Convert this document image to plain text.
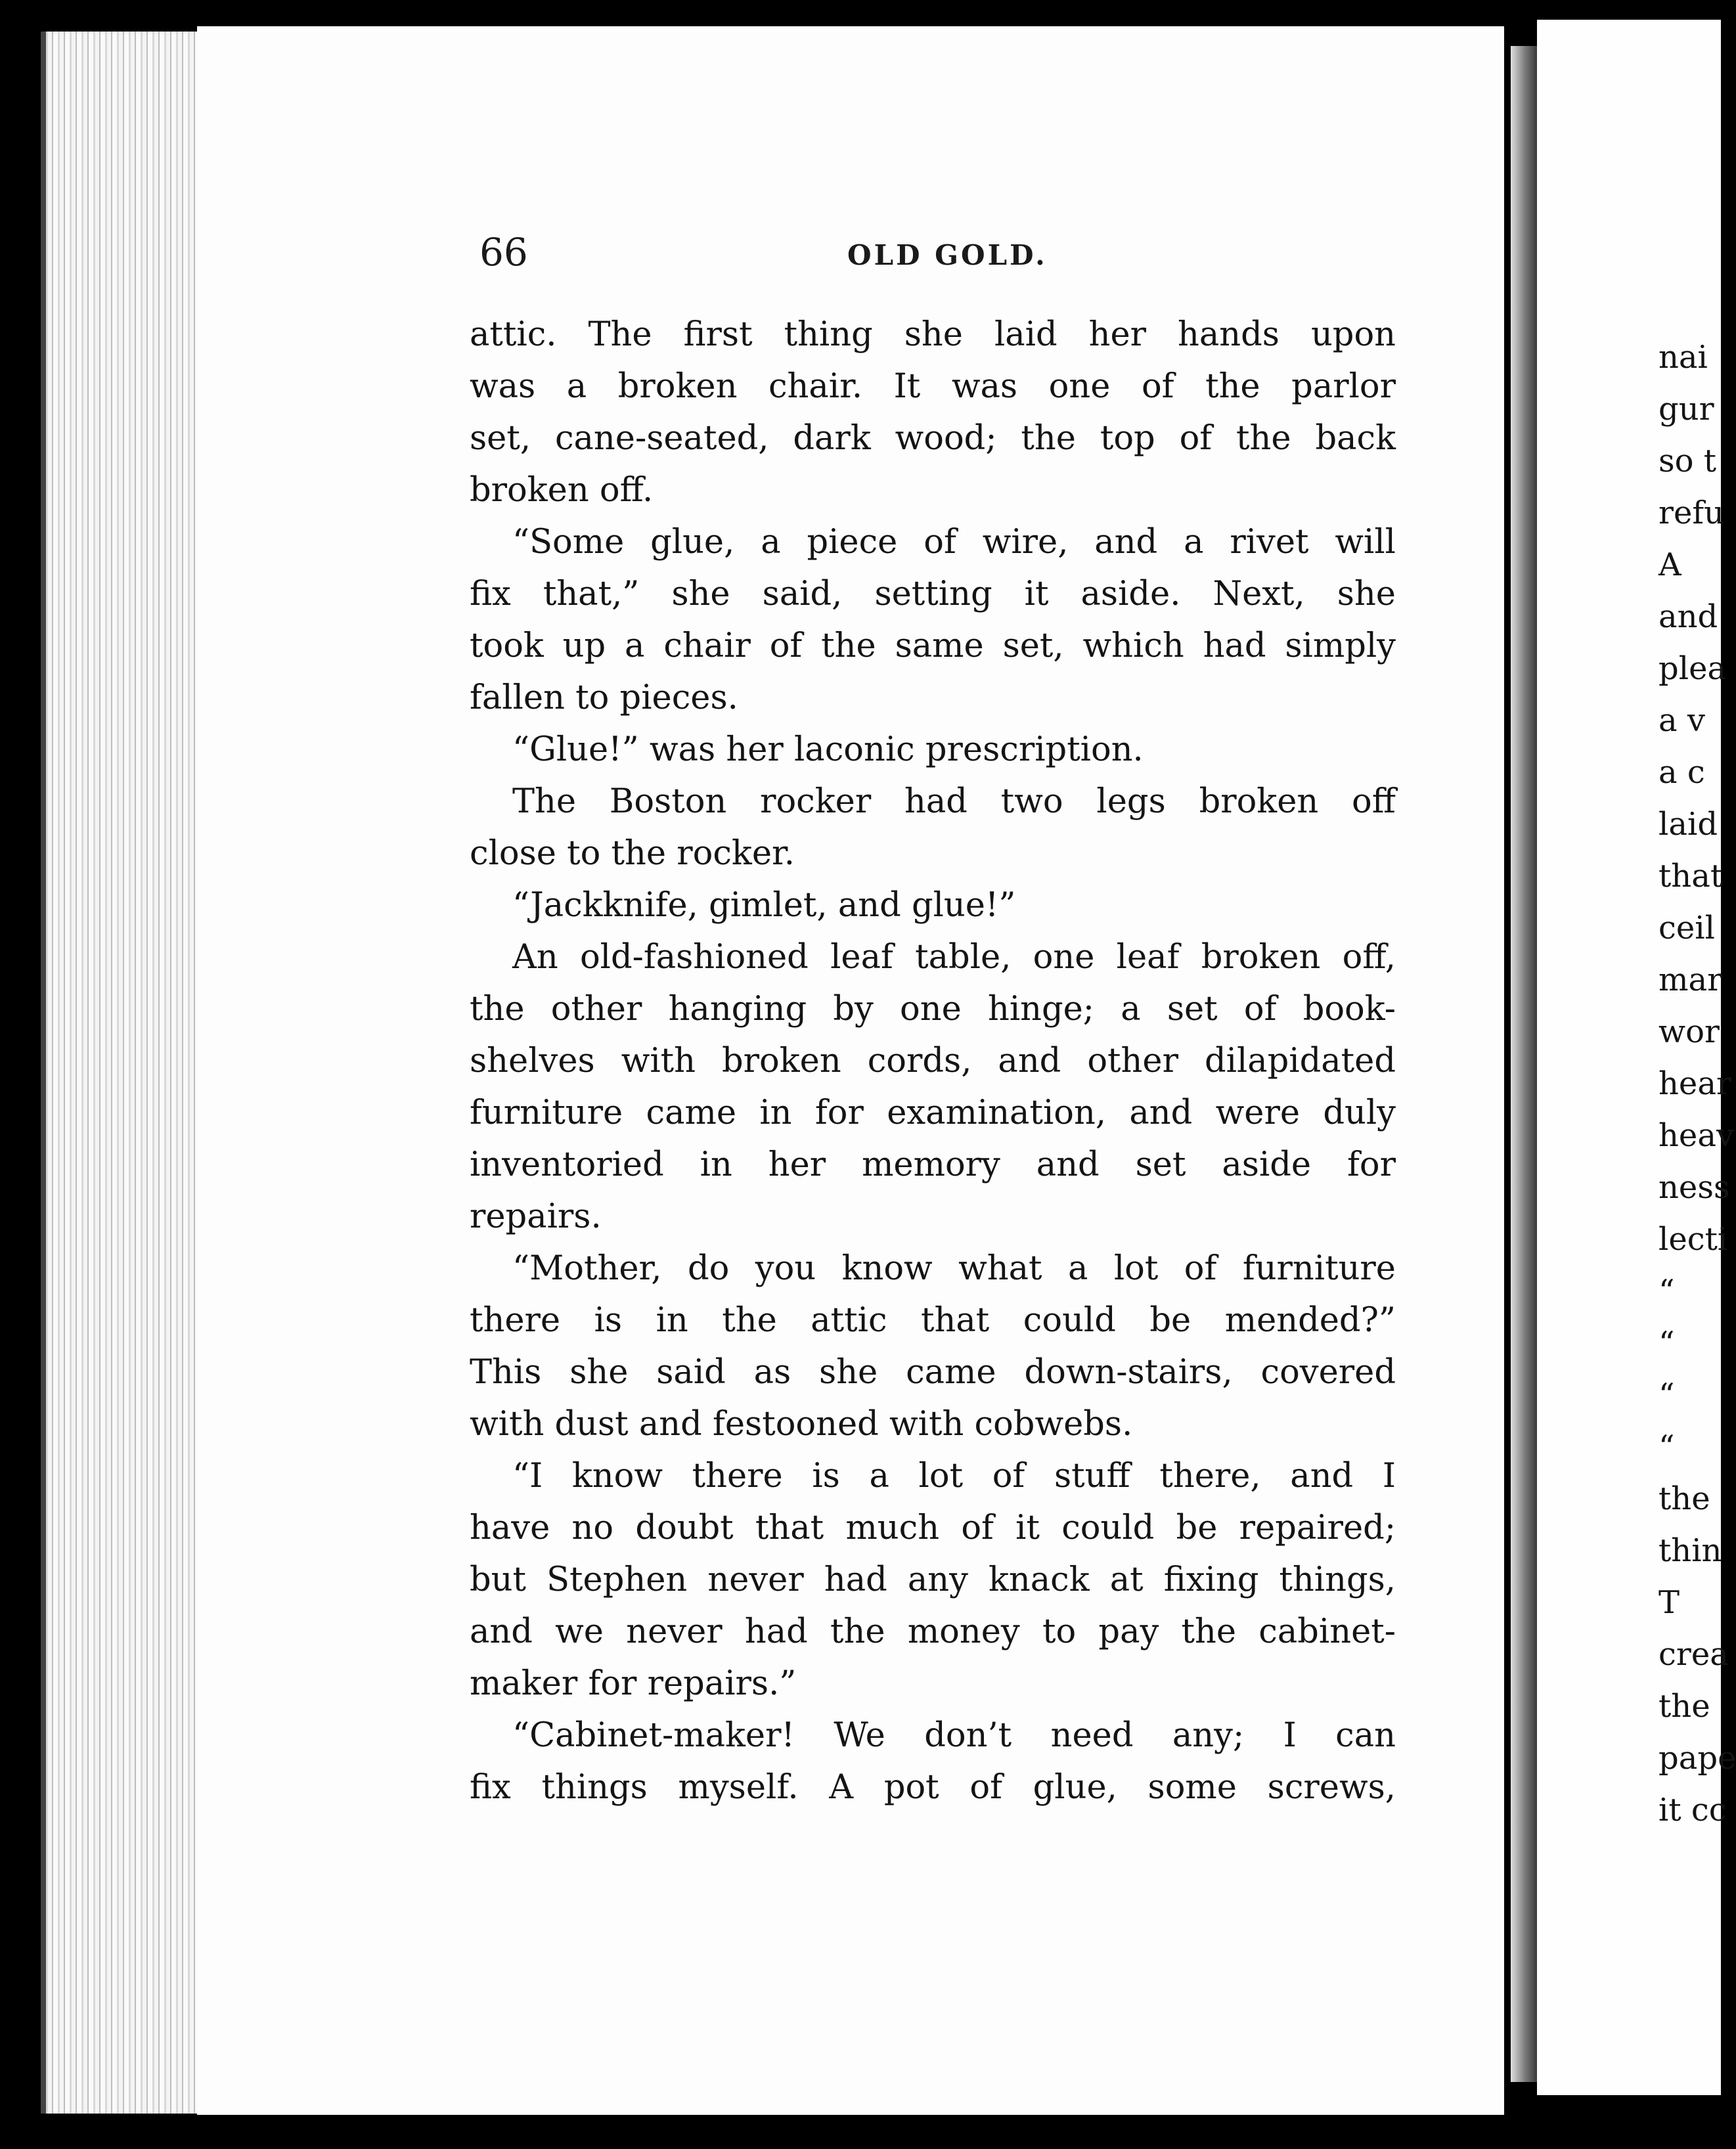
66	OLD GOLD.
attic. The first thing she laid her hands upon
was a broken chair. It was one of the parlor
set, cane-seated, dark wood; the top of the back
broken off.
“Some glue, a piece of wire, and a rivet will
fix that,” she said, setting it aside. Next, she
took up a chair of the same set, which had simply
fallen to pieces.
“Glue!” was her laconic prescription.
The Boston rocker had two legs broken off
close to the rocker.
“Jackknife, gimlet, and glue!”
An old-fashioned leaf table, one leaf broken off,
the other hanging by one hinge; a set of book-
shelves with broken cords, and other dilapidated
furniture came in for examination, and were duly
inventoried in her memory and set aside for
repairs.
“Mother, do you know what a lot of furniture
there is in the attic that could be mended?”
This she said as she came down-stairs, covered
with dust and festooned with cobwebs.
“I know there is a lot of stuff there, and I
have no doubt that much of it could be repaired;
but Stephen never had any knack at fixing things,
and we never had the money to pay the cabinet-
maker for repairs.”
“Cabinet-maker! We don’t need any; I can
fix things myself. A pot of glue, some screws,
nai
gur
so t
refu
A
and
plea
a v
a c
laid
that
ceil
mar
wor
hear
heav
ness
lecti
“
“
“
“
the
thin
T
crea
the
pape
it cc
